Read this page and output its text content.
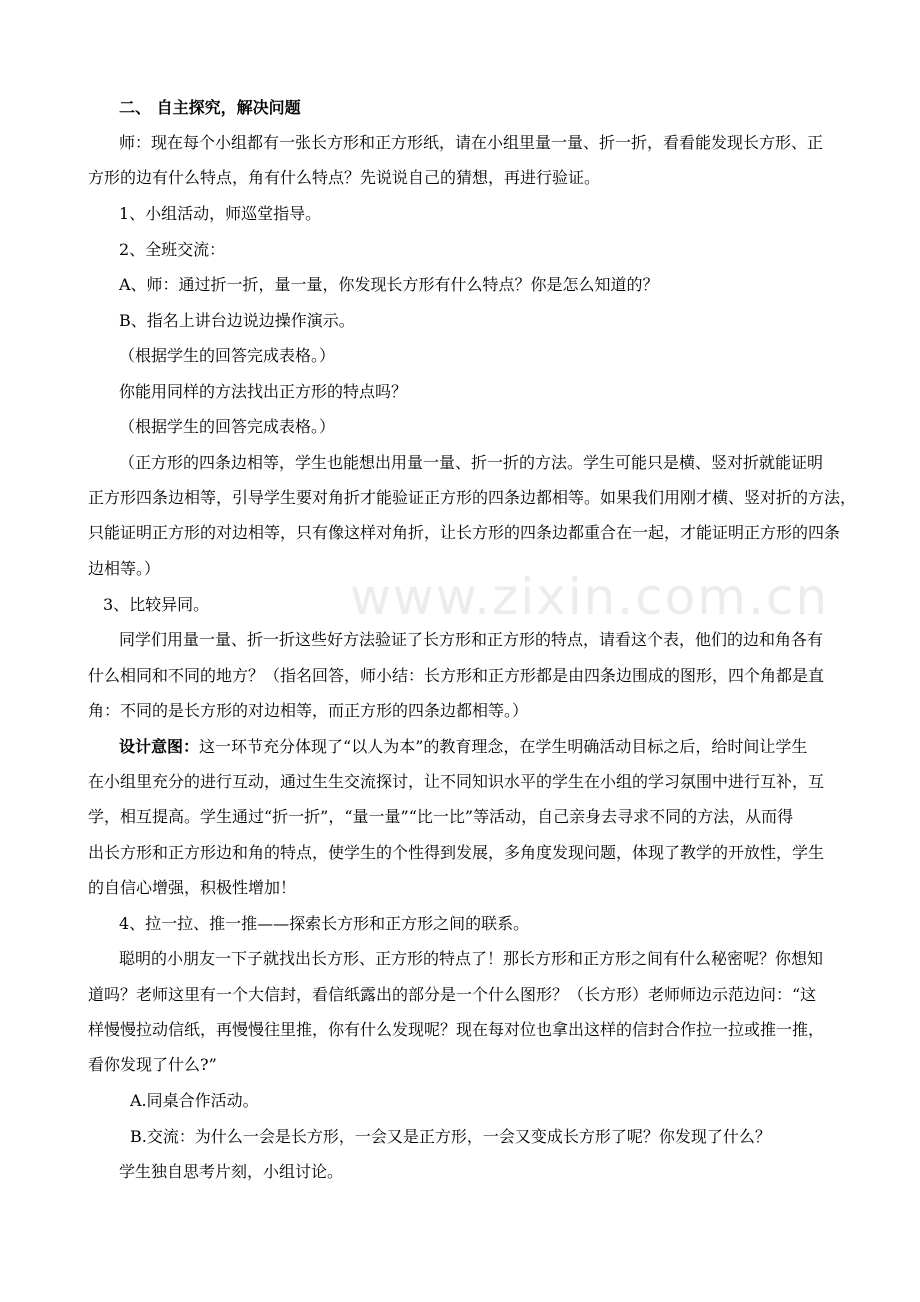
www.zixin.com.cn

二、 自主探究，解决问题

师：现在每个小组都有一张长方形和正方形纸，请在小组里量一量、折一折，看看能发现长方形、正

方形的边有什么特点，角有什么特点？先说说自己的猜想，再进行验证。

1、小组活动，师巡堂指导。

2、全班交流：

A、师：通过折一折，量一量，你发现长方形有什么特点？你是怎么知道的？

B、指名上讲台边说边操作演示。

（根据学生的回答完成表格。）

你能用同样的方法找出正方形的特点吗？

（根据学生的回答完成表格。）

（正方形的四条边相等，学生也能想出用量一量、折一折的方法。学生可能只是横、竖对折就能证明

正方形四条边相等，引导学生要对角折才能验证正方形的四条边都相等。如果我们用刚才横、竖对折的方法，

只能证明正方形的对边相等，只有像这样对角折，让长方形的四条边都重合在一起，才能证明正方形的四条

边相等。）

3、比较异同。

同学们用量一量、折一折这些好方法验证了长方形和正方形的特点，请看这个表，他们的边和角各有

什么相同和不同的地方？（指名回答，师小结：长方形和正方形都是由四条边围成的图形，四个角都是直

角：不同的是长方形的对边相等，而正方形的四条边都相等。）

设计意图：这一环节充分体现了“以人为本”的教育理念，在学生明确活动目标之后，给时间让学生

在小组里充分的进行互动，通过生生交流探讨，让不同知识水平的学生在小组的学习氛围中进行互补，互

学，相互提高。学生通过“折一折”，“量一量”“比一比”等活动，自己亲身去寻求不同的方法，从而得

出长方形和正方形边和角的特点，使学生的个性得到发展，多角度发现问题，体现了教学的开放性，学生

的自信心增强，积极性增加！

4、拉一拉、推一推——探索长方形和正方形之间的联系。

聪明的小朋友一下子就找出长方形、正方形的特点了！那长方形和正方形之间有什么秘密呢？你想知

道吗？老师这里有一个大信封，看信纸露出的部分是一个什么图形？（长方形）老师师边示范边问：“这

样慢慢拉动信纸，再慢慢往里推，你有什么发现呢？现在每对位也拿出这样的信封合作拉一拉或推一推，

看你发现了什么?”

A.同桌合作活动。

B.交流：为什么一会是长方形，一会又是正方形，一会又变成长方形了呢？你发现了什么？

学生独自思考片刻，小组讨论。
